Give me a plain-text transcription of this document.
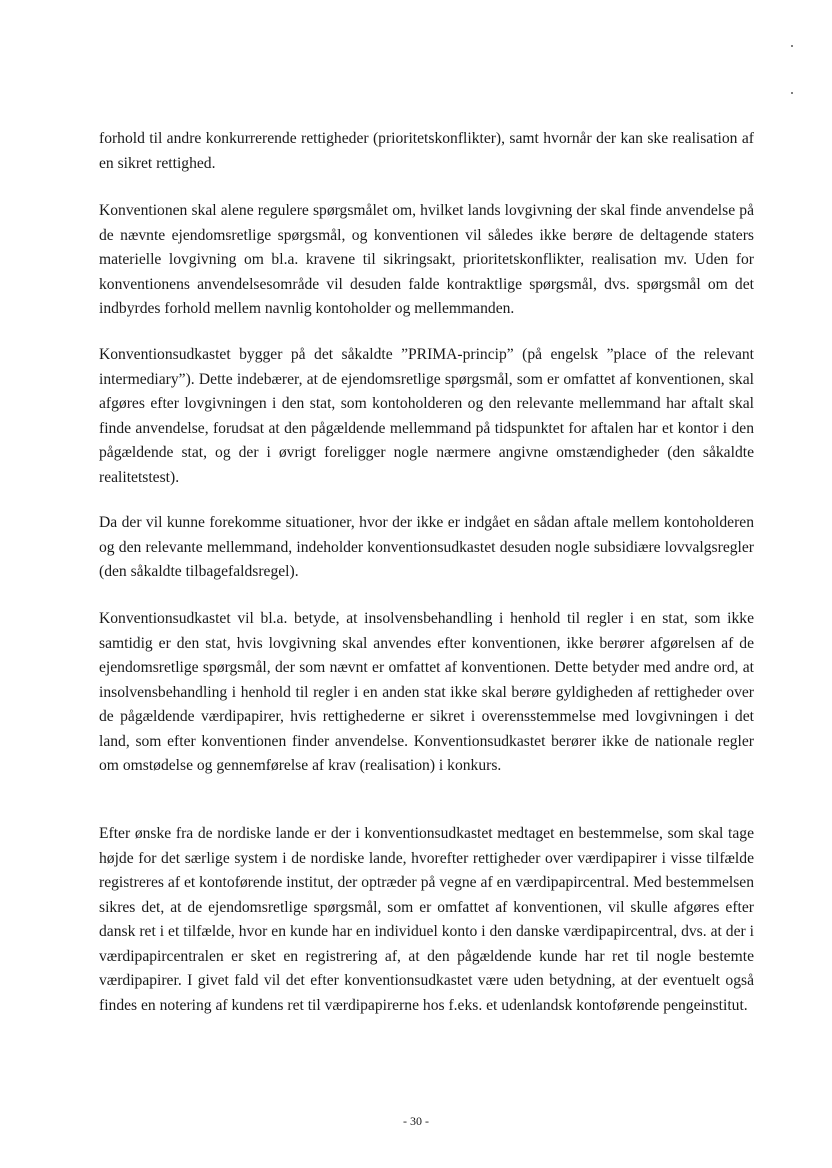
forhold til andre konkurrerende rettigheder (prioritetskonflikter), samt hvornår der kan ske realisation af en sikret rettighed.

Konventionen skal alene regulere spørgsmålet om, hvilket lands lovgivning der skal finde anvendelse på de nævnte ejendomsretlige spørgsmål, og konventionen vil således ikke berøre de deltagende staters materielle lovgivning om bl.a. kravene til sikringsakt, prioritetskonflikter, realisation mv. Uden for konventionens anvendelsesområde vil desuden falde kontraktlige spørgsmål, dvs. spørgsmål om det indbyrdes forhold mellem navnlig kontoholder og mellemmanden.

Konventionsudkastet bygger på det såkaldte ”PRIMA-princip” (på engelsk ”place of the relevant intermediary”). Dette indebærer, at de ejendomsretlige spørgsmål, som er omfattet af konventionen, skal afgøres efter lovgivningen i den stat, som kontoholderen og den relevante mellemmand har aftalt skal finde anvendelse, forudsat at den pågældende mellemmand på tidspunktet for aftalen har et kontor i den pågældende stat, og der i øvrigt foreligger nogle nærmere angivne omstændigheder (den såkaldte realitetstest).

Da der vil kunne forekomme situationer, hvor der ikke er indgået en sådan aftale mellem kontoholderen og den relevante mellemmand, indeholder konventionsudkastet desuden nogle subsidiære lovvalgsregler (den såkaldte tilbagefaldsregel).

Konventionsudkastet vil bl.a. betyde, at insolvensbehandling i henhold til regler i en stat, som ikke samtidig er den stat, hvis lovgivning skal anvendes efter konventionen, ikke berører afgørelsen af de ejendomsretlige spørgsmål, der som nævnt er omfattet af konventionen. Dette betyder med andre ord, at insolvensbehandling i henhold til regler i en anden stat ikke skal berøre gyldigheden af rettigheder over de pågældende værdipapirer, hvis rettighederne er sikret i overensstemmelse med lovgivningen i det land, som efter konventionen finder anvendelse. Konventionsudkastet berører ikke de nationale regler om omstødelse og gennemførelse af krav (realisation) i konkurs.

Efter ønske fra de nordiske lande er der i konventionsudkastet medtaget en bestemmelse, som skal tage højde for det særlige system i de nordiske lande, hvorefter rettigheder over værdipapirer i visse tilfælde registreres af et kontoførende institut, der optræder på vegne af en værdipapircentral. Med bestemmelsen sikres det, at de ejendomsretlige spørgsmål, som er omfattet af konventionen, vil skulle afgøres efter dansk ret i et tilfælde, hvor en kunde har en individuel konto i den danske værdipapircentral, dvs. at der i værdipapircentralen er sket en registrering af, at den pågældende kunde har ret til nogle bestemte værdipapirer. I givet fald vil det efter konventionsudkastet være uden betydning, at der eventuelt også findes en notering af kundens ret til værdipapirerne hos f.eks. et udenlandsk kontoførende pengeinstitut.

- 30 -
